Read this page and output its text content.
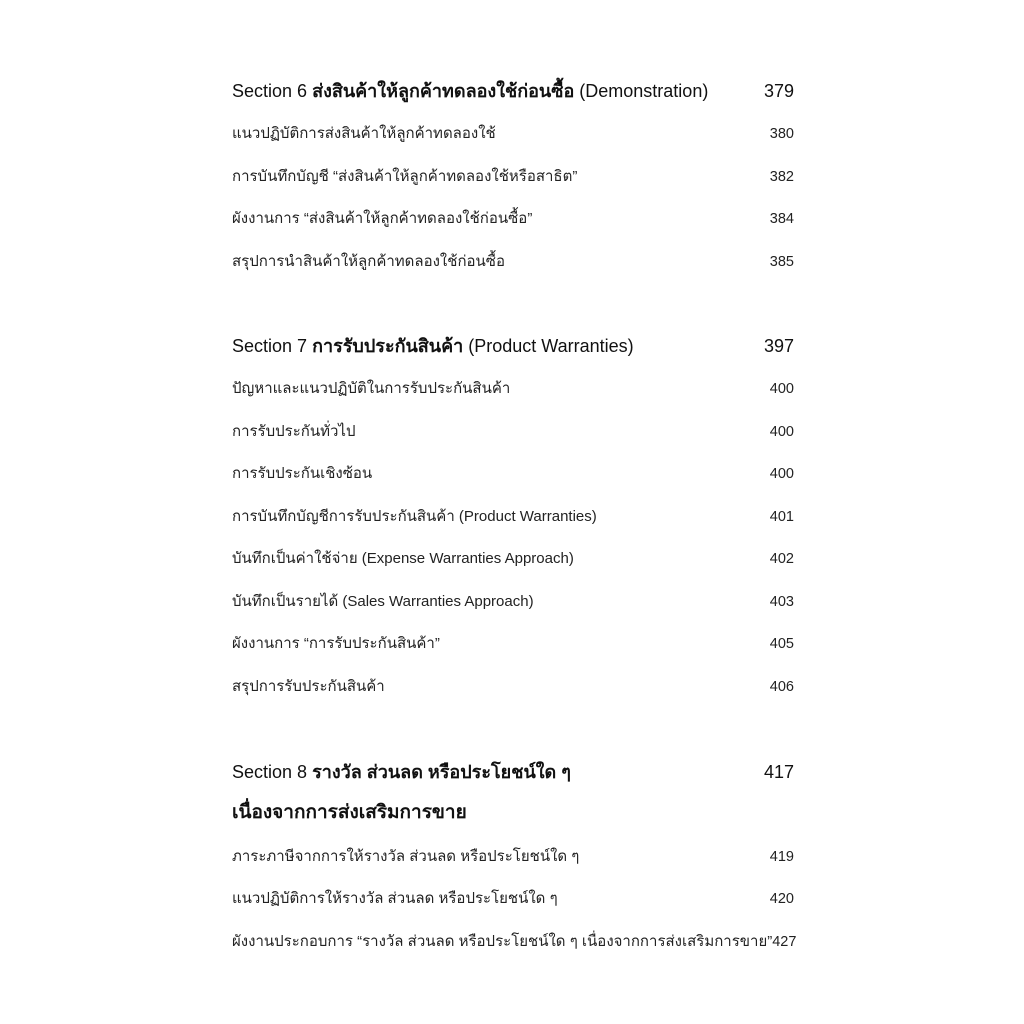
Section 6 ส่งสินค้าให้ลูกค้าทดลองใช้ก่อนซื้อ (Demonstration)	379
แนวปฏิบัติการส่งสินค้าให้ลูกค้าทดลองใช้	380
การบันทึกบัญชี “ส่งสินค้าให้ลูกค้าทดลองใช้หรือสาธิต”	382
ผังงานการ “ส่งสินค้าให้ลูกค้าทดลองใช้ก่อนซื้อ”	384
สรุปการนำสินค้าให้ลูกค้าทดลองใช้ก่อนซื้อ	385
Section 7 การรับประกันสินค้า (Product Warranties)	397
ปัญหาและแนวปฏิบัติในการรับประกันสินค้า	400
การรับประกันทั่วไป	400
การรับประกันเชิงซ้อน	400
การบันทึกบัญชีการรับประกันสินค้า (Product Warranties)	401
บันทึกเป็นค่าใช้จ่าย (Expense Warranties Approach)	402
บันทึกเป็นรายได้ (Sales Warranties Approach)	403
ผังงานการ “การรับประกันสินค้า”	405
สรุปการรับประกันสินค้า	406
Section 8 รางวัล ส่วนลด หรือประโยชน์ใด ๆ	417
เนื่องจากการส่งเสริมการขาย
ภาระภาษีจากการให้รางวัล ส่วนลด หรือประโยชน์ใด ๆ	419
แนวปฏิบัติการให้รางวัล ส่วนลด หรือประโยชน์ใด ๆ	420
ผังงานประกอบการ “รางวัล ส่วนลด หรือประโยชน์ใด ๆ เนื่องจากการส่งเสริมการขาย” 427
